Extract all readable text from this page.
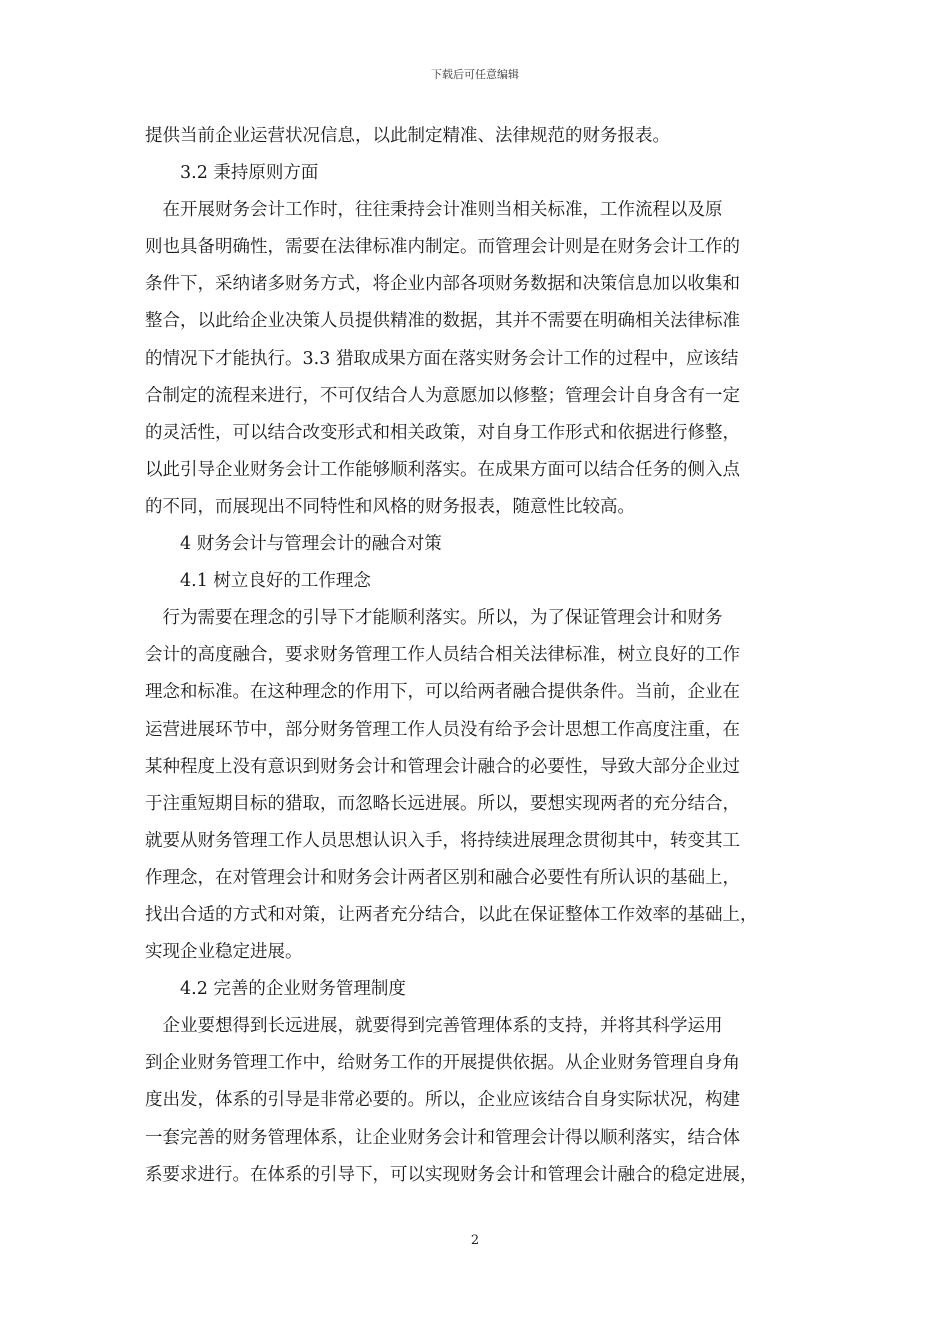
下载后可任意编辑
提供当前企业运营状况信息，以此制定精准、法律规范的财务报表。
3.2 秉持原则方面
　在开展财务会计工作时，往往秉持会计准则当相关标准，工作流程以及原
则也具备明确性，需要在法律标准内制定。而管理会计则是在财务会计工作的
条件下，采纳诸多财务方式，将企业内部各项财务数据和决策信息加以收集和
整合，以此给企业决策人员提供精准的数据，其并不需要在明确相关法律标准
的情况下才能执行。3.3 猎取成果方面在落实财务会计工作的过程中，应该结
合制定的流程来进行，不可仅结合人为意愿加以修整；管理会计自身含有一定
的灵活性，可以结合改变形式和相关政策，对自身工作形式和依据进行修整，
以此引导企业财务会计工作能够顺利落实。在成果方面可以结合任务的侧入点
的不同，而展现出不同特性和风格的财务报表，随意性比较高。
4 财务会计与管理会计的融合对策
4.1 树立良好的工作理念
　行为需要在理念的引导下才能顺利落实。所以，为了保证管理会计和财务
会计的高度融合，要求财务管理工作人员结合相关法律标准，树立良好的工作
理念和标准。在这种理念的作用下，可以给两者融合提供条件。当前，企业在
运营进展环节中，部分财务管理工作人员没有给予会计思想工作高度注重，在
某种程度上没有意识到财务会计和管理会计融合的必要性，导致大部分企业过
于注重短期目标的猎取，而忽略长远进展。所以，要想实现两者的充分结合，
就要从财务管理工作人员思想认识入手，将持续进展理念贯彻其中，转变其工
作理念，在对管理会计和财务会计两者区别和融合必要性有所认识的基础上，
找出合适的方式和对策，让两者充分结合，以此在保证整体工作效率的基础上，
实现企业稳定进展。
4.2 完善的企业财务管理制度
　企业要想得到长远进展，就要得到完善管理体系的支持，并将其科学运用
到企业财务管理工作中，给财务工作的开展提供依据。从企业财务管理自身角
度出发，体系的引导是非常必要的。所以，企业应该结合自身实际状况，构建
一套完善的财务管理体系，让企业财务会计和管理会计得以顺利落实，结合体
系要求进行。在体系的引导下，可以实现财务会计和管理会计融合的稳定进展，
2
